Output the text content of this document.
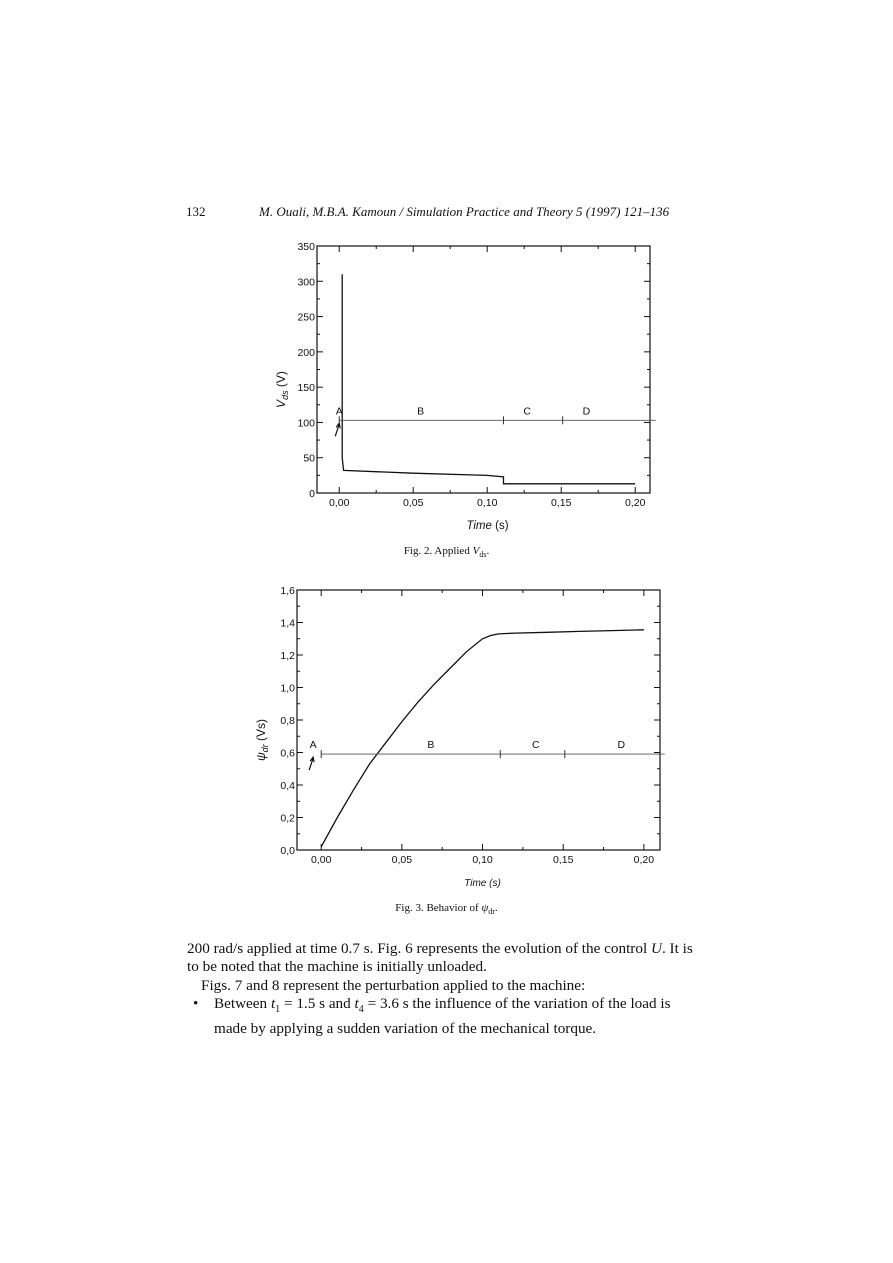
132	M. Ouali, M.B.A. Kamoun / Simulation Practice and Theory 5 (1997) 121–136
0,00	0,05	0,10	0,15	0,20
0
50
100
150
200
250
300
350
Time (s)
$V_{ds}$ (V)
A	B	C	D
Fig. 2. Applied $V_{ds}$.
0,00	0,05	0,10	0,15	0,20
0,0
0,2
0,4
0,6
0,8
1,0
1,2
1,4
1,6
Time (s)
$\psi_{dr}$ (Vs)
A	B	C	D
Fig. 3. Behavior of $\psi_{dr}$.

200 rad/s applied at time 0.7 s. Fig. 6 represents the evolution of the control U. It is

to be noted that the machine is initially unloaded.

Figs. 7 and 8 represent the perturbation applied to the machine:

• Between $t_1 = 1.5$ s and $t_4 = 3.6$ s the influence of the variation of the load is

made by applying a sudden variation of the mechanical torque.
